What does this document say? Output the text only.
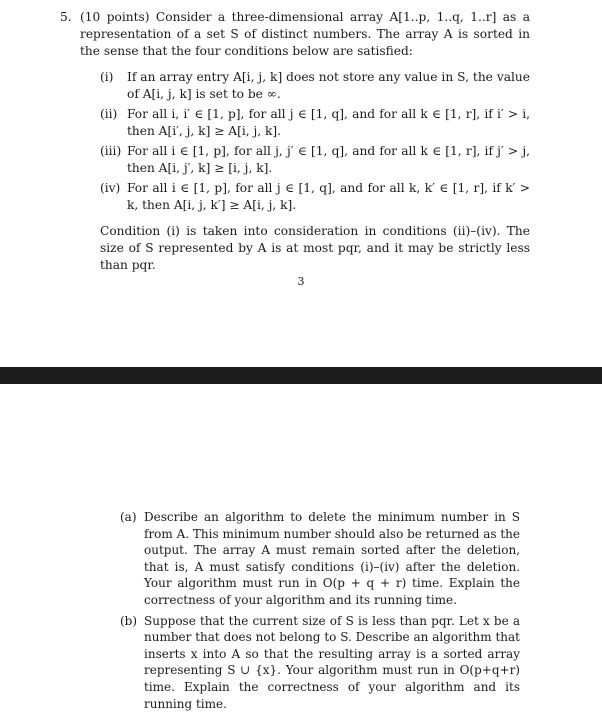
5. (10 points) Consider a three-dimensional array A[1..p, 1..q, 1..r] as a representation of a set S of distinct numbers. The array A is sorted in the sense that the four conditions below are satisfied:
(i)	If an array entry A[i, j, k] does not store any value in S, the value of A[i, j, k] is set to be ∞.
(ii) For all i, i′ ∈ [1, p], for all j ∈ [1, q], and for all k ∈ [1, r], if i′ > i, then A[i′, j, k] ≥ A[i, j, k].
(iii) For all i ∈ [1, p], for all j, j′ ∈ [1, q], and for all k ∈ [1, r], if j′ > j, then A[i, j′, k] ≥ [i, j, k].
(iv) For all i ∈ [1, p], for all j ∈ [1, q], and for all k, k′ ∈ [1, r], if k′ > k, then A[i, j, k′] ≥ A[i, j, k].
Condition (i) is taken into consideration in conditions (ii)–(iv). The size of S represented by A is at most pqr, and it may be strictly less than pqr.
3
(a) Describe an algorithm to delete the minimum number in S from A. This minimum number should also be returned as the output. The array A must remain sorted after the deletion, that is, A must satisfy conditions (i)–(iv) after the deletion. Your algorithm must run in O(p + q + r) time. Explain the correctness of your algorithm and its running time.
(b) Suppose that the current size of S is less than pqr. Let x be a number that does not belong to S. Describe an algorithm that inserts x into A so that the resulting array is a sorted array representing S ∪ {x}. Your algorithm must run in O(p+q+r) time. Explain the correctness of your algorithm and its running time.
